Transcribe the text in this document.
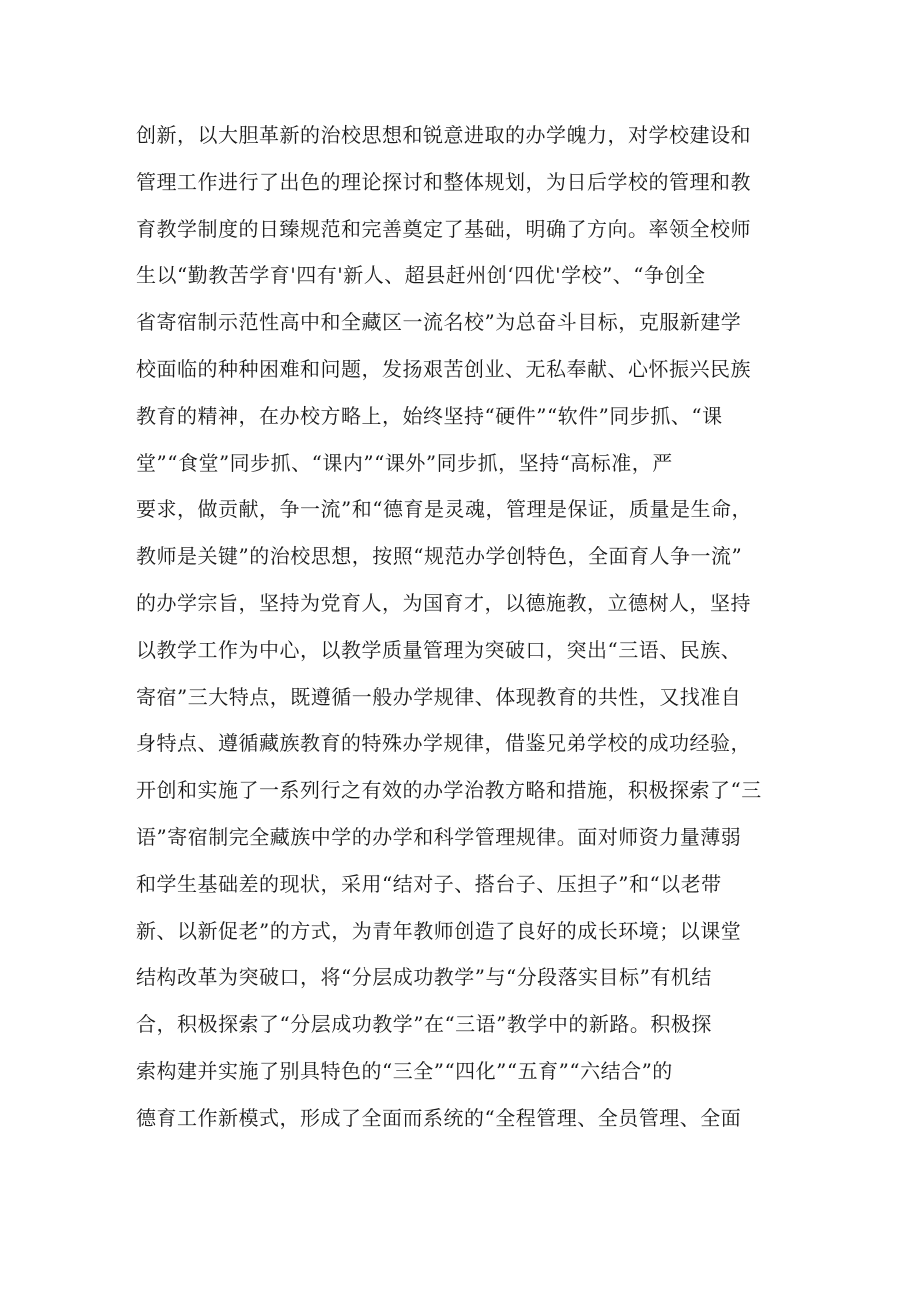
创新，以大胆革新的治校思想和锐意进取的办学魄力，对学校建设和
管理工作进行了出色的理论探讨和整体规划，为日后学校的管理和教
育教学制度的日臻规范和完善奠定了基础，明确了方向。率领全校师
生以“勤教苦学育'四有'新人、超县赶州创‘四优'学校”、“争创全
省寄宿制示范性高中和全藏区一流名校”为总奋斗目标，克服新建学
校面临的种种困难和问题，发扬艰苦创业、无私奉献、心怀振兴民族
教育的精神，在办校方略上，始终坚持“硬件”“软件”同步抓、“课
堂”“食堂”同步抓、“课内”“课外”同步抓，坚持“高标准，严
要求，做贡献，争一流”和“德育是灵魂，管理是保证，质量是生命，
教师是关键”的治校思想，按照“规范办学创特色，全面育人争一流”
的办学宗旨，坚持为党育人，为国育才，以德施教，立德树人，坚持
以教学工作为中心，以教学质量管理为突破口，突出“三语、民族、
寄宿”三大特点，既遵循一般办学规律、体现教育的共性，又找准自
身特点、遵循藏族教育的特殊办学规律，借鉴兄弟学校的成功经验，
开创和实施了一系列行之有效的办学治教方略和措施，积极探索了“三
语”寄宿制完全藏族中学的办学和科学管理规律。面对师资力量薄弱
和学生基础差的现状，采用“结对子、搭台子、压担子”和“以老带
新、以新促老”的方式，为青年教师创造了良好的成长环境；以课堂
结构改革为突破口，将“分层成功教学”与“分段落实目标”有机结
合，积极探索了“分层成功教学”在“三语”教学中的新路。积极探
索构建并实施了别具特色的“三全”“四化”“五育”“六结合”的
德育工作新模式，形成了全面而系统的“全程管理、全员管理、全面
